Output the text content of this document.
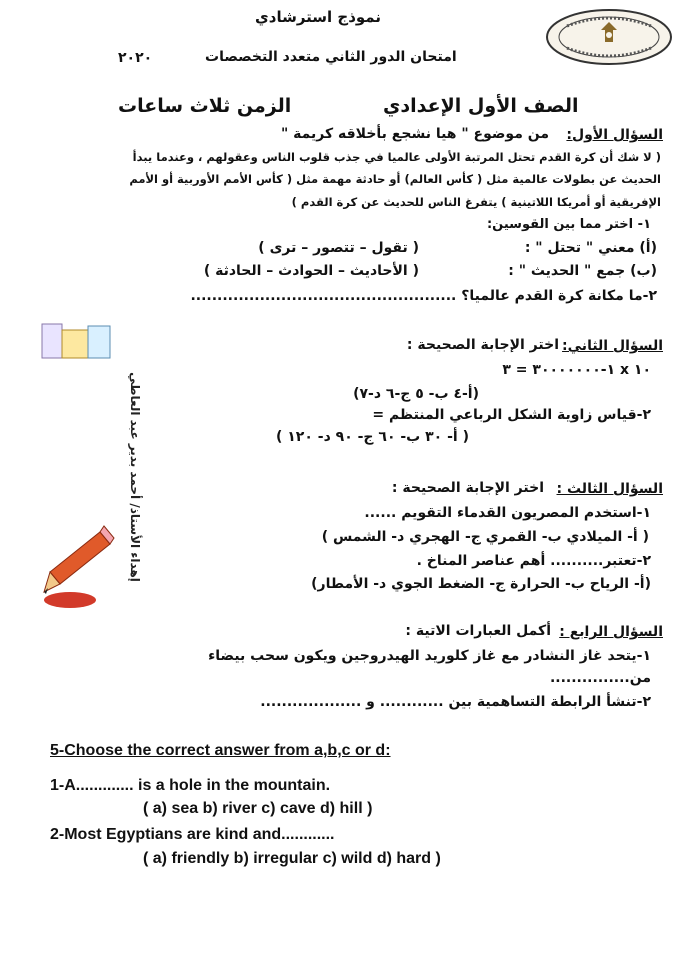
نموذج استرشادي
امتحان الدور الثاني متعدد التخصصات
٢٠٢٠
الصف الأول الإعدادي
الزمن ثلاث ساعات
السؤال الأول:
من موضوع " هيا نشجع بأخلاقه كريمة "
( لا شك أن كرة القدم تحتل المرتبة الأولى عالميا في جذب قلوب الناس وعقولهم ، وعندما يبدأ
الحديث عن بطولات عالمية مثل ( كأس العالم) أو حادثة مهمة مثل ( كأس الأمم الأوربية أو الأمم
الإفريقية أو أمريكا اللاتينية ) يتفرغ الناس للحديث عن كرة القدم )
١- اختر مما بين القوسين:
(أ) معني " تحتل " :
( تقول – تتصور – ترى )
(ب) جمع " الحديث " :
( الأحاديث – الحوادث – الحادثة )
٢-ما مكانة كرة القدم عالميا؟ ..................................................
إهداء الأستاذ/ أحمد بدير عبد العاطي
السؤال الثاني:
اختر الإجابة الصحيحة :
١-٣٠٠٠٠٠٠٠ = ٣ x ١٠
(أ-٤ ب- ٥ ج-٦ د-٧)
٢-قياس زاوية الشكل الرباعي المنتظم =
( أ- ٣٠ ب- ٦٠ ج- ٩٠ د- ١٢٠ )
السؤال الثالث :
اختر الإجابة الصحيحة :
١-استخدم المصريون القدماء التقويم ......
( أ- الميلادي ب- القمري ج- الهجري د- الشمس )
٢-تعتبر.......... أهم عناصر المناخ .
(أ- الرياح ب- الحرارة ج- الضغط الجوي د- الأمطار)
السؤال الرابع :
أكمل العبارات الاتية :
١-يتحد غاز النشادر مع غاز كلوريد الهيدروجين ويكون سحب بيضاء
من...............
٢-تنشأ الرابطة التساهمية بين ............ و ...................
5-Choose the correct answer from a,b,c or d:
1-A............. is a hole in the mountain.
( a) sea b) river c) cave d) hill )
2-Most Egyptians are kind and............
( a) friendly b) irregular c) wild d) hard )
